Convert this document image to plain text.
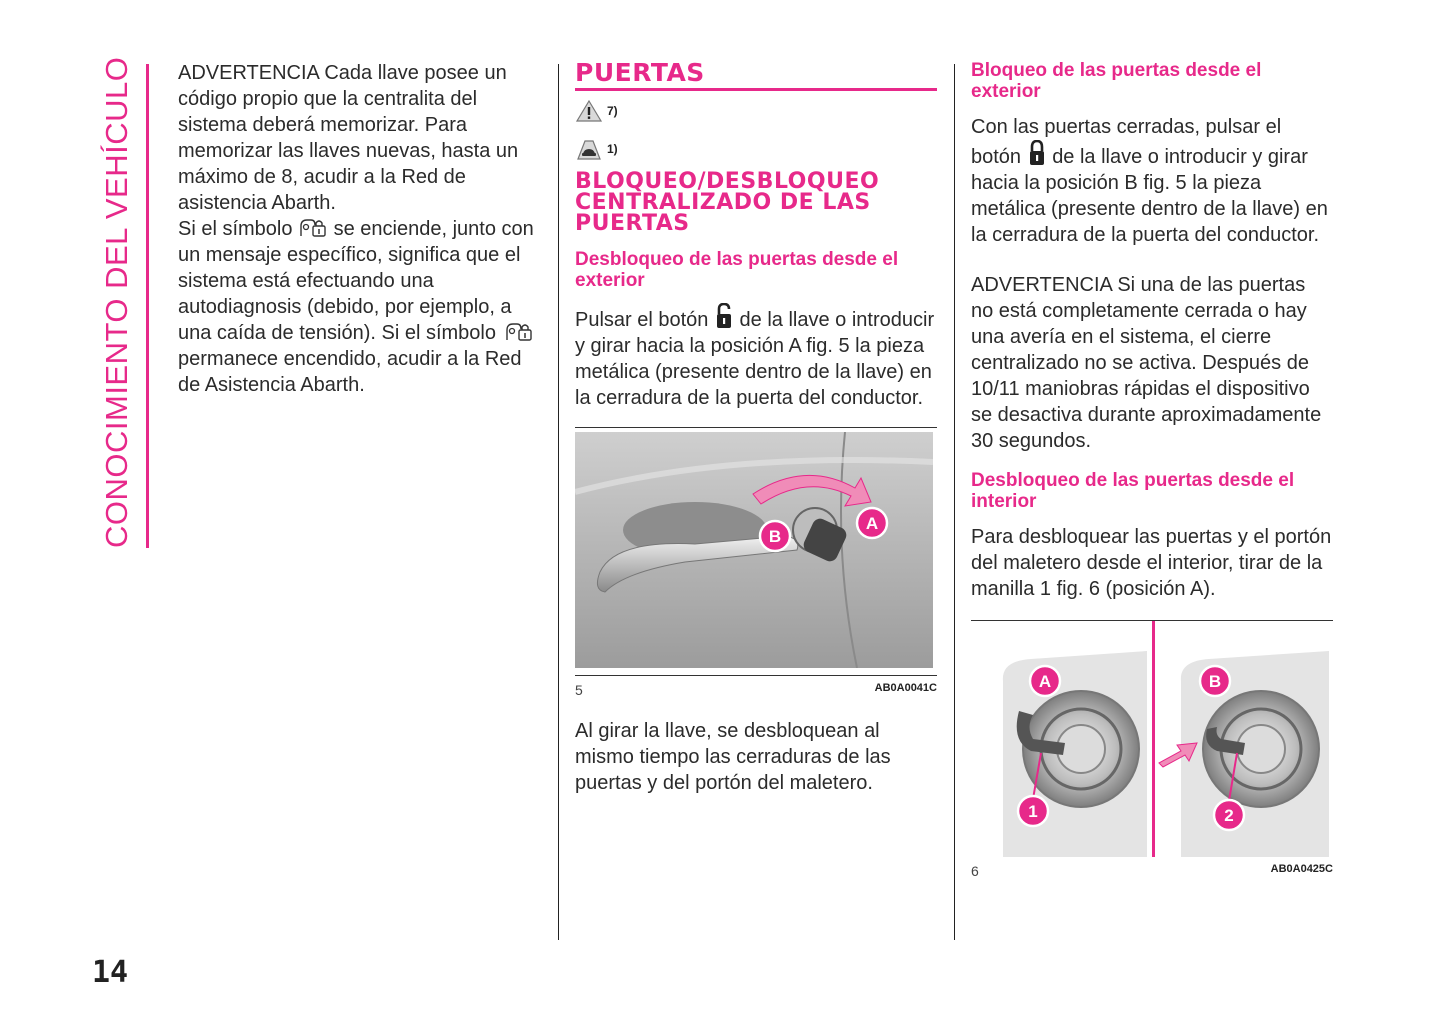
CONOCIMIENTO DEL VEHÍCULO	ADVERTENCIA Cada llave posee un código propio que la centralita del sistema deberá memorizar. Para memorizar las llaves nuevas, hasta un máximo de 8, acudir a la Red de asistencia Abarth.

Si el símbolo se enciende, junto con un mensaje específico, significa que el sistema está efectuando una autodiagnosis (debido, por ejemplo, a una caída de tensión). Si el símbolo  permanece encendido, acudir a la Red de Asistencia Abarth.

PUERTAS
7)
1)
BLOQUEO/DESBLOQUEO CENTRALIZADO DE LAS PUERTAS
Desbloqueo de las puertas desde el exterior

Pulsar el botón de la llave o introducir y girar hacia la posición A fig. 5 la pieza metálica (presente dentro de la llave) en la cerradura de la puerta del conductor.

B
A
5	AB0A0041C

Al girar la llave, se desbloquean al mismo tiempo las cerraduras de las puertas y del portón del maletero.

Bloqueo de las puertas desde el exterior

Con las puertas cerradas, pulsar el botón de la llave o introducir y girar hacia la posición B fig. 5 la pieza metálica (presente dentro de la llave) en la cerradura de la puerta del conductor.

ADVERTENCIA Si una de las puertas no está completamente cerrada o hay una avería en el sistema, el cierre centralizado no se activa. Después de 10/11 maniobras rápidas el dispositivo se desactiva durante aproximadamente 30 segundos.

Desbloqueo de las puertas desde el interior

Para desbloquear las puertas y el portón del maletero desde el interior, tirar de la manilla 1 fig. 6 (posición A).

A
1
B
2
6	AB0A0425C
14
